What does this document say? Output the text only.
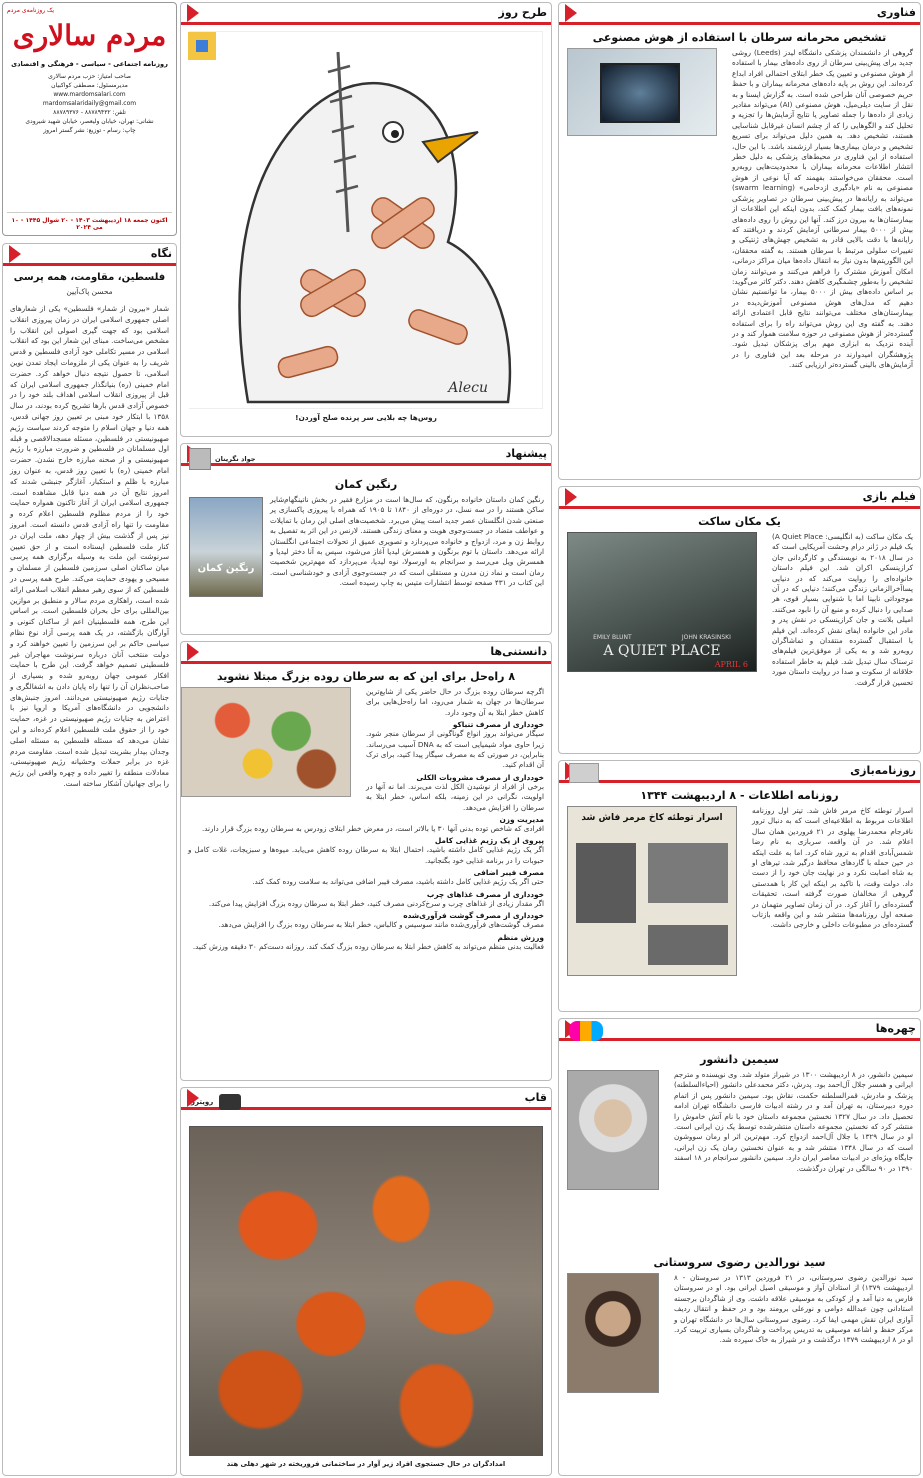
یک روزنامه‌ی مردم
مردم سالاری
روزنامه اجتماعی - سیاسی - فرهنگی و اقتصادی
صاحب امتیاز: حزب مردم سالاری
مدیرمسئول: مصطفی کواکبیان
www.mardomsalari.com
mardomsalaridaily@gmail.com
تلفن: ۸۸۷۸۹۴۳۲ - ۸۸۷۸۹۳۷۶
نشانی: تهران، خیابان ولیعصر، خیابان شهید شیرودی
چاپ: رسام - توزیع: نشر گستر امروز
اکنون جمعه ۱۸ اردیبهشت ۱۴۰۳ - ۲۰ شوال ۱۴۴۵ - ۱۰ می ۲۰۲۴
نگاه
فلسطین، مقاومت، همه پرسی
محسن پاک‌آیین
شمار «بیرون از شمار» فلسطین» یکی از شعارهای اصلی جمهوری اسلامی ایران در زمان پیروزی انقلاب اسلامی بود که جهت گیری اصولی این انقلاب را مشخص می‌ساخت. مبنای این شعار این بود که انقلاب اسلامی در مسیر تکاملی خود آزادی فلسطین و قدس شریف را به عنوان یکی از ملزومات ایجاد تمدن نوین اسلامی، تا حصول نتیجه دنبال خواهد کرد. حضرت امام خمینی (ره) بنیانگذار جمهوری اسلامی ایران که قبل از پیروزی انقلاب اسلامی اهداف بلند خود را در خصوص آزادی قدس بارها تشریح کرده بودند، در سال ۱۳۵۸ با ابتکار خود مبنی بر تعیین روز جهانی قدس، همه دنیا و جهان اسلام را متوجه کردند سیاست رژیم صهیونیستی در فلسطین، مسئله مسجدالاقصی و قبله اول مسلمانان در فلسطین و ضرورت مبارزه با رژیم صهیونیستی و از صحنه مبارزه خارج نشدن. حضرت امام خمینی (ره) با تعیین روز قدس، به عنوان روز مبارزه با ظلم و استکبار، آغازگر جنبشی شدند که امروز نتایج آن در همه دنیا قابل مشاهده است. جمهوری اسلامی ایران از آغاز تاکنون همواره حمایت خود را از مردم مظلوم فلسطین اعلام کرده و مقاومت را تنها راه آزادی قدس دانسته است. امروز نیز پس از گذشت بیش از چهار دهه، ملت ایران در کنار ملت فلسطین ایستاده است و از حق تعیین سرنوشت این ملت به وسیله برگزاری همه پرسی میان ساکنان اصلی سرزمین فلسطین از مسلمان و مسیحی و یهودی حمایت می‌کند. طرح همه پرسی در فلسطین که از سوی رهبر معظم انقلاب اسلامی ارائه شده است، راهکاری مردم سالار و منطبق بر موازین بین‌المللی برای حل بحران فلسطین است. بر اساس این طرح، همه فلسطینیان اعم از ساکنان کنونی و آوارگان بازگشته، در یک همه پرسی آزاد نوع نظام سیاسی حاکم بر این سرزمین را تعیین خواهند کرد و دولت منتخب آنان درباره سرنوشت مهاجران غیر فلسطینی تصمیم خواهد گرفت. این طرح با حمایت افکار عمومی جهان روبه‌رو شده و بسیاری از صاحب‌نظران آن را تنها راه پایان دادن به اشغالگری و جنایات رژیم صهیونیستی می‌دانند. امروز جنبش‌های دانشجویی در دانشگاه‌های آمریکا و اروپا نیز با اعتراض به جنایات رژیم صهیونیستی در غزه، حمایت خود را از حقوق ملت فلسطین اعلام کرده‌اند و این نشان می‌دهد که مسئله فلسطین به مسئله اصلی وجدان بیدار بشریت تبدیل شده است. مقاومت مردم غزه در برابر حملات وحشیانه رژیم صهیونیستی، معادلات منطقه را تغییر داده و چهره واقعی این رژیم را برای جهانیان آشکار ساخته است.
طرح روز
Alecu
روس‌ها چه بلایی سر پرنده صلح آوردن!
پیشنهاد
جواد نگرینان
رنگین کمان
رنگین کمان داستان خانواده برنگون، که سال‌ها است در مزارع فقیر در بخش ناتینگهام‌شایر ساکن هستند را در سه نسل، در دوره‌ای از ۱۸۴۰ تا ۱۹۰۵ که همراه با پیروزی پاکسازی پر صنعتی شدن انگلستان عصر جدید است پیش می‌برد. شخصیت‌های اصلی این رمان با تمایلات و عواطف متضاد در جست‌وجوی هویت و معنای زندگی هستند. لارنس در این اثر به تفصیل به روابط زن و مرد، ازدواج و خانواده می‌پردازد و تصویری عمیق از تحولات اجتماعی انگلستان ارائه می‌دهد. داستان با توم برنگون و همسرش لیدیا آغاز می‌شود، سپس به آنا دختر لیدیا و همسرش ویل می‌رسد و سرانجام به اورسولا، نوه لیدیا، می‌پردازد که مهم‌ترین شخصیت رمان است و نماد زن مدرن و مستقلی است که در جست‌وجوی آزادی و خودشناسی است. این کتاب در ۴۳۱ صفحه توسط انتشارات متیس به چاپ رسیده است.
رنگین کمان
دانستنی‌ها
۸ راه‌حل برای این که به سرطان روده بزرگ مبتلا نشوید
اگرچه سرطان روده بزرگ در حال حاضر یکی از شایع‌ترین سرطان‌ها در جهان به شمار می‌رود، اما راه‌حل‌هایی برای کاهش خطر ابتلا به آن وجود دارد.
خودداری از مصرف تنباکو
سیگار می‌تواند بروز انواع گوناگونی از سرطان منجر شود. زیرا حاوی مواد شیمیایی است که به DNA آسیب می‌رساند. بنابراین، در صورتی که به مصرف سیگار پیدا کنید، برای ترک آن اقدام کنید.
خودداری از مصرف مشروبات الکلی
برخی از افراد از نوشیدن الکل لذت می‌برند. اما نه آنها در اولویت، نگرانی در این زمینه، بلکه اساس، خطر ابتلا به سرطان را افزایش می‌دهد.
مدیریت وزن
افرادی که شاخص توده بدنی آنها ۳۰ یا بالاتر است، در معرض خطر ابتلای زودرس به سرطان روده بزرگ قرار دارند.
پیروی از یک رژیم غذایی کامل
اگر یک رژیم غذایی کامل داشته باشید، احتمال ابتلا به سرطان روده کاهش می‌یابد. میوه‌ها و سبزیجات، غلات کامل و حبوبات را در برنامه غذایی خود بگنجانید.
مصرف فیبر اضافی
حتی اگر یک رژیم غذایی کامل داشته باشید، مصرف فیبر اضافی می‌تواند به سلامت روده کمک کند.
خودداری از مصرف غذاهای چرب
اگر مقدار زیادی از غذاهای چرب و سرخ‌کردنی مصرف کنید، خطر ابتلا به سرطان روده بزرگ افزایش پیدا می‌کند.
خودداری از مصرف گوشت فرآوری‌شده
مصرف گوشت‌های فرآوری‌شده مانند سوسیس و کالباس، خطر ابتلا به سرطان روده بزرگ را افزایش می‌دهد.
ورزش منظم
فعالیت بدنی منظم می‌تواند به کاهش خطر ابتلا به سرطان روده بزرگ کمک کند. روزانه دست‌کم ۳۰ دقیقه ورزش کنید.
قاب
رویترز
امدادگران در حال جستجوی افراد زیر آوار در ساختمانی فروریخته در شهر دهلی هند
فناوری
تشخیص محرمانه سرطان با استفاده از هوش مصنوعی
گروهی از دانشمندان پزشکی دانشگاه لیدز (Leeds) روشی جدید برای پیش‌بینی سرطان از روی داده‌های بیمار با استفاده از هوش مصنوعی و تعیین یک خطر ابتلای احتمالی افراد ابداع کرده‌اند. این روش بر پایه داده‌های محرمانه بیماران و با حفظ حریم خصوصی آنان طراحی شده است. به گزارش ایسنا و به نقل از سایت دیلی‌میل، هوش مصنوعی (AI) می‌تواند مقادیر زیادی از داده‌ها را جمله تصاویر یا نتایج آزمایش‌ها را تجزیه و تحلیل کند و الگوهایی را که از چشم انسان غیرقابل شناسایی هستند، تشخیص دهد. به همین دلیل می‌تواند برای تسریع تشخیص و درمان بیماری‌ها بسیار ارزشمند باشد. با این حال، استفاده از این فناوری در محیط‌های پزشکی به دلیل خطر انتشار اطلاعات محرمانه بیماران با محدودیت‌هایی روبه‌رو است. محققان می‌خواستند بفهمند که آیا نوعی از هوش مصنوعی به نام «یادگیری ازدحامی» (swarm learning) می‌تواند به رایانه‌ها در پیش‌بینی سرطان در تصاویر پزشکی نمونه‌های بافت بیمار کمک کند، بدون اینکه این اطلاعات از بیمارستان‌ها به بیرون درز کند. آنها این روش را روی داده‌های بیش از ۵۰۰۰ بیمار سرطانی آزمایش کردند و دریافتند که رایانه‌ها با دقت بالایی قادر به تشخیص جهش‌های ژنتیکی و تغییرات سلولی مرتبط با سرطان هستند. به گفته محققان، این الگوریتم‌ها بدون نیاز به انتقال داده‌ها میان مراکز درمانی، امکان آموزش مشترک را فراهم می‌کنند و می‌توانند زمان تشخیص را به‌طور چشمگیری کاهش دهند. دکتر کاتر می‌گوید: بر اساس داده‌های بیش از ۵۰۰۰ بیمار، ما توانستیم نشان دهیم که مدل‌های هوش مصنوعی آموزش‌دیده در بیمارستان‌های مختلف می‌توانند نتایج قابل اعتمادی ارائه دهند. به گفته وی این روش می‌تواند راه را برای استفاده گسترده‌تر از هوش مصنوعی در حوزه سلامت هموار کند و در آینده نزدیک به ابزاری مهم برای پزشکان تبدیل شود. پژوهشگران امیدوارند در مرحله بعد این فناوری را در آزمایش‌های بالینی گسترده‌تر ارزیابی کنند.
فیلم بازی
یک مکان ساکت
EMILY BLUNT	JOHN KRASINSKI
A QUIET PLACE
APRIL 6
یک مکان ساکت (به انگلیسی: A Quiet Place) یک فیلم در ژانر درام وحشت آمریکایی است که در سال ۲۰۱۸ به نویسندگی و کارگردانی جان کرازینسکی اکران شد. این فیلم داستان خانواده‌ای را روایت می‌کند که در دنیایی پساآخرالزمانی زندگی می‌کنند؛ دنیایی که در آن موجوداتی نابینا اما با شنوایی بسیار قوی، هر صدایی را دنبال کرده و منبع آن را نابود می‌کنند. امیلی بلانت و جان کرازینسکی در نقش پدر و مادر این خانواده ایفای نقش کرده‌اند. این فیلم با استقبال گسترده منتقدان و تماشاگران روبه‌رو شد و به یکی از موفق‌ترین فیلم‌های ترسناک سال تبدیل شد. فیلم به خاطر استفاده خلاقانه از سکوت و صدا در روایت داستان مورد تحسین قرار گرفت.
روزنامه‌بازی
روزنامه اطلاعات - ۸ اردیبهشت ۱۳۴۴
اسرار توطئه کاخ مرمر فاش شد
اسرار توطئه کاخ مرمر فاش شد. تیتر اول روزنامه اطلاعات مربوط به اطلاعیه‌ای است که به دنبال ترور نافرجام محمدرضا پهلوی در ۲۱ فروردین همان سال اعلام شد. در آن واقعه، سربازی به نام رضا شمس‌آبادی اقدام به ترور شاه کرد. اما به علت اینکه در حین حمله با گاردهای محافظ درگیر شد، تیرهای او به شاه اصابت نکرد و در نهایت جان خود را از دست داد. دولت وقت، با تاکید بر اینکه این کار با همدستی گروهی از مخالفان صورت گرفته است، تحقیقات گسترده‌ای را آغاز کرد. در آن زمان تصاویر متهمان در صفحه اول روزنامه‌ها منتشر شد و این واقعه بازتاب گسترده‌ای در مطبوعات داخلی و خارجی داشت.
چهره‌ها
سیمین دانشور
سیمین دانشور، در ۸ اردیبهشت ۱۳۰۰ در شیراز متولد شد. وی نویسنده و مترجم ایرانی و همسر جلال آل‌احمد بود. پدرش، دکتر محمدعلی دانشور (احیاءالسلطنه) پزشک و مادرش، قمرالسلطنه حکمت، نقاش بود. سیمین دانشور پس از اتمام دوره دبیرستان، به تهران آمد و در رشته ادبیات فارسی دانشگاه تهران ادامه تحصیل داد. در سال ۱۳۲۷ نخستین مجموعه داستان خود با نام آتش خاموش را منتشر کرد که نخستین مجموعه داستان منتشرشده توسط یک زن ایرانی است. او در سال ۱۳۲۹ با جلال آل‌احمد ازدواج کرد. مهم‌ترین اثر او رمان سووشون است که در سال ۱۳۴۸ منتشر شد و به عنوان نخستین رمان یک زن ایرانی، جایگاه ویژه‌ای در ادبیات معاصر ایران دارد. سیمین دانشور سرانجام در ۱۸ اسفند ۱۳۹۰ در ۹۰ سالگی در تهران درگذشت.
سید نورالدین رضوی سروستانی
سید نورالدین رضوی سروستانی، در ۲۱ فروردین ۱۳۱۳ در سروستان - ۸ اردیبهشت ۱۳۷۹) از استادان آواز و موسیقی اصیل ایرانی بود. او در سروستان فارس به دنیا آمد و از کودکی به موسیقی علاقه داشت. وی از شاگردان برجسته استادانی چون عبدالله دوامی و نورعلی برومند بود و در حفظ و انتقال ردیف آوازی ایران نقش مهمی ایفا کرد. رضوی سروستانی سال‌ها در دانشگاه تهران و مرکز حفظ و اشاعه موسیقی به تدریس پرداخت و شاگردان بسیاری تربیت کرد. او در ۸ اردیبهشت ۱۳۷۹ درگذشت و در شیراز به خاک سپرده شد.
